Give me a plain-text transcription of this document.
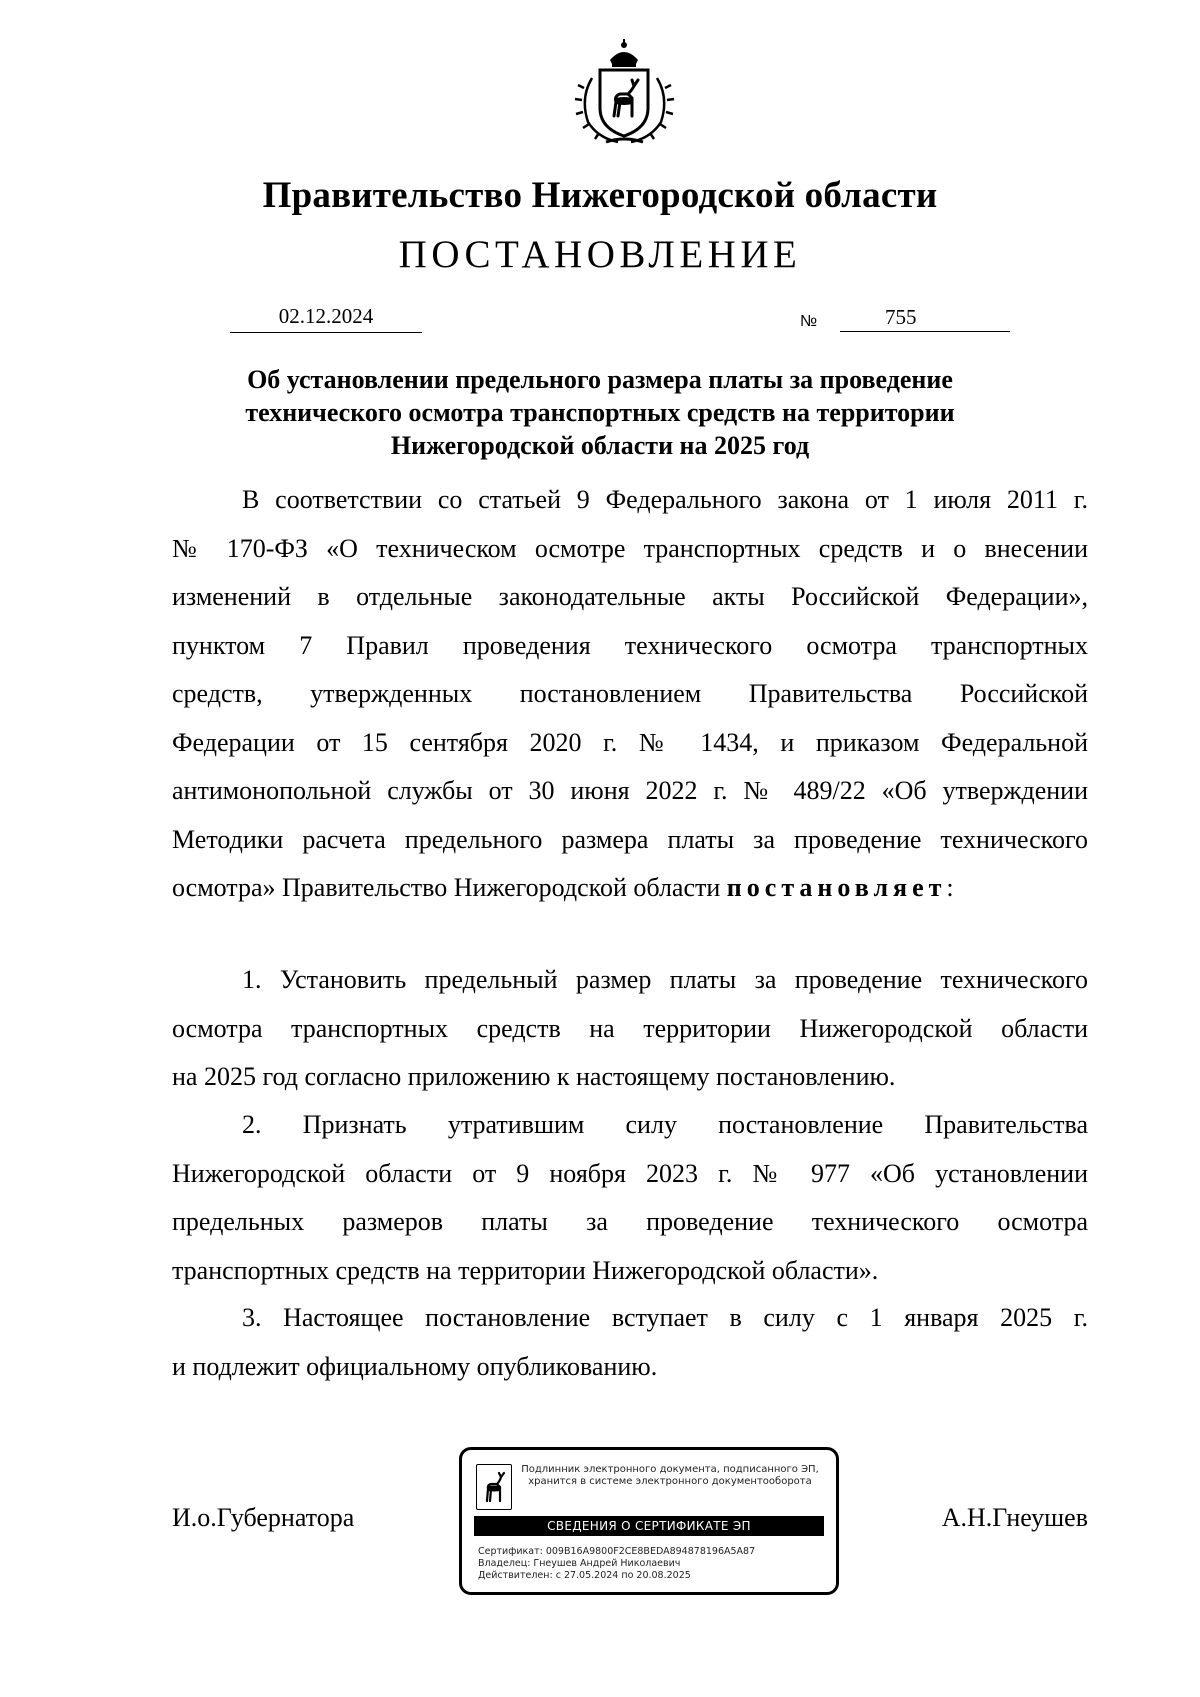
Правительство Нижегородской области
ПОСТАНОВЛЕНИЕ
02.12.2024	№	755
Об установлении предельного размера платы за проведение
технического осмотра транспортных средств на территории
Нижегородской области на 2025 год
В соответствии со статьей 9 Федерального закона от 1 июля 2011 г.
№ 170-ФЗ «О техническом осмотре транспортных средств и о внесении
изменений в отдельные законодательные акты Российской Федерации»,
пунктом 7 Правил проведения технического осмотра транспортных
средств, утвержденных постановлением Правительства Российской
Федерации от 15 сентября 2020 г. № 1434, и приказом Федеральной
антимонопольной службы от 30 июня 2022 г. № 489/22 «Об утверждении
Методики расчета предельного размера платы за проведение технического
осмотра» Правительство Нижегородской области постановляет:
1. Установить предельный размер платы за проведение технического
осмотра транспортных средств на территории Нижегородской области
на 2025 год согласно приложению к настоящему постановлению.
2. Признать утратившим силу постановление Правительства
Нижегородской области от 9 ноября 2023 г. № 977 «Об установлении
предельных размеров платы за проведение технического осмотра
транспортных средств на территории Нижегородской области».
3. Настоящее постановление вступает в силу с 1 января 2025 г.
и подлежит официальному опубликованию.
И.о.Губернатора	А.Н.Гнеушев
Подлинник электронного документа, подписанного ЭП,
хранится в системе электронного документооборота
СВЕДЕНИЯ О СЕРТИФИКАТЕ ЭП
Сертификат: 009B16A9800F2CE8BEDA894878196A5A87
Владелец: Гнеушев Андрей Николаевич
Действителен: с 27.05.2024 по 20.08.2025
